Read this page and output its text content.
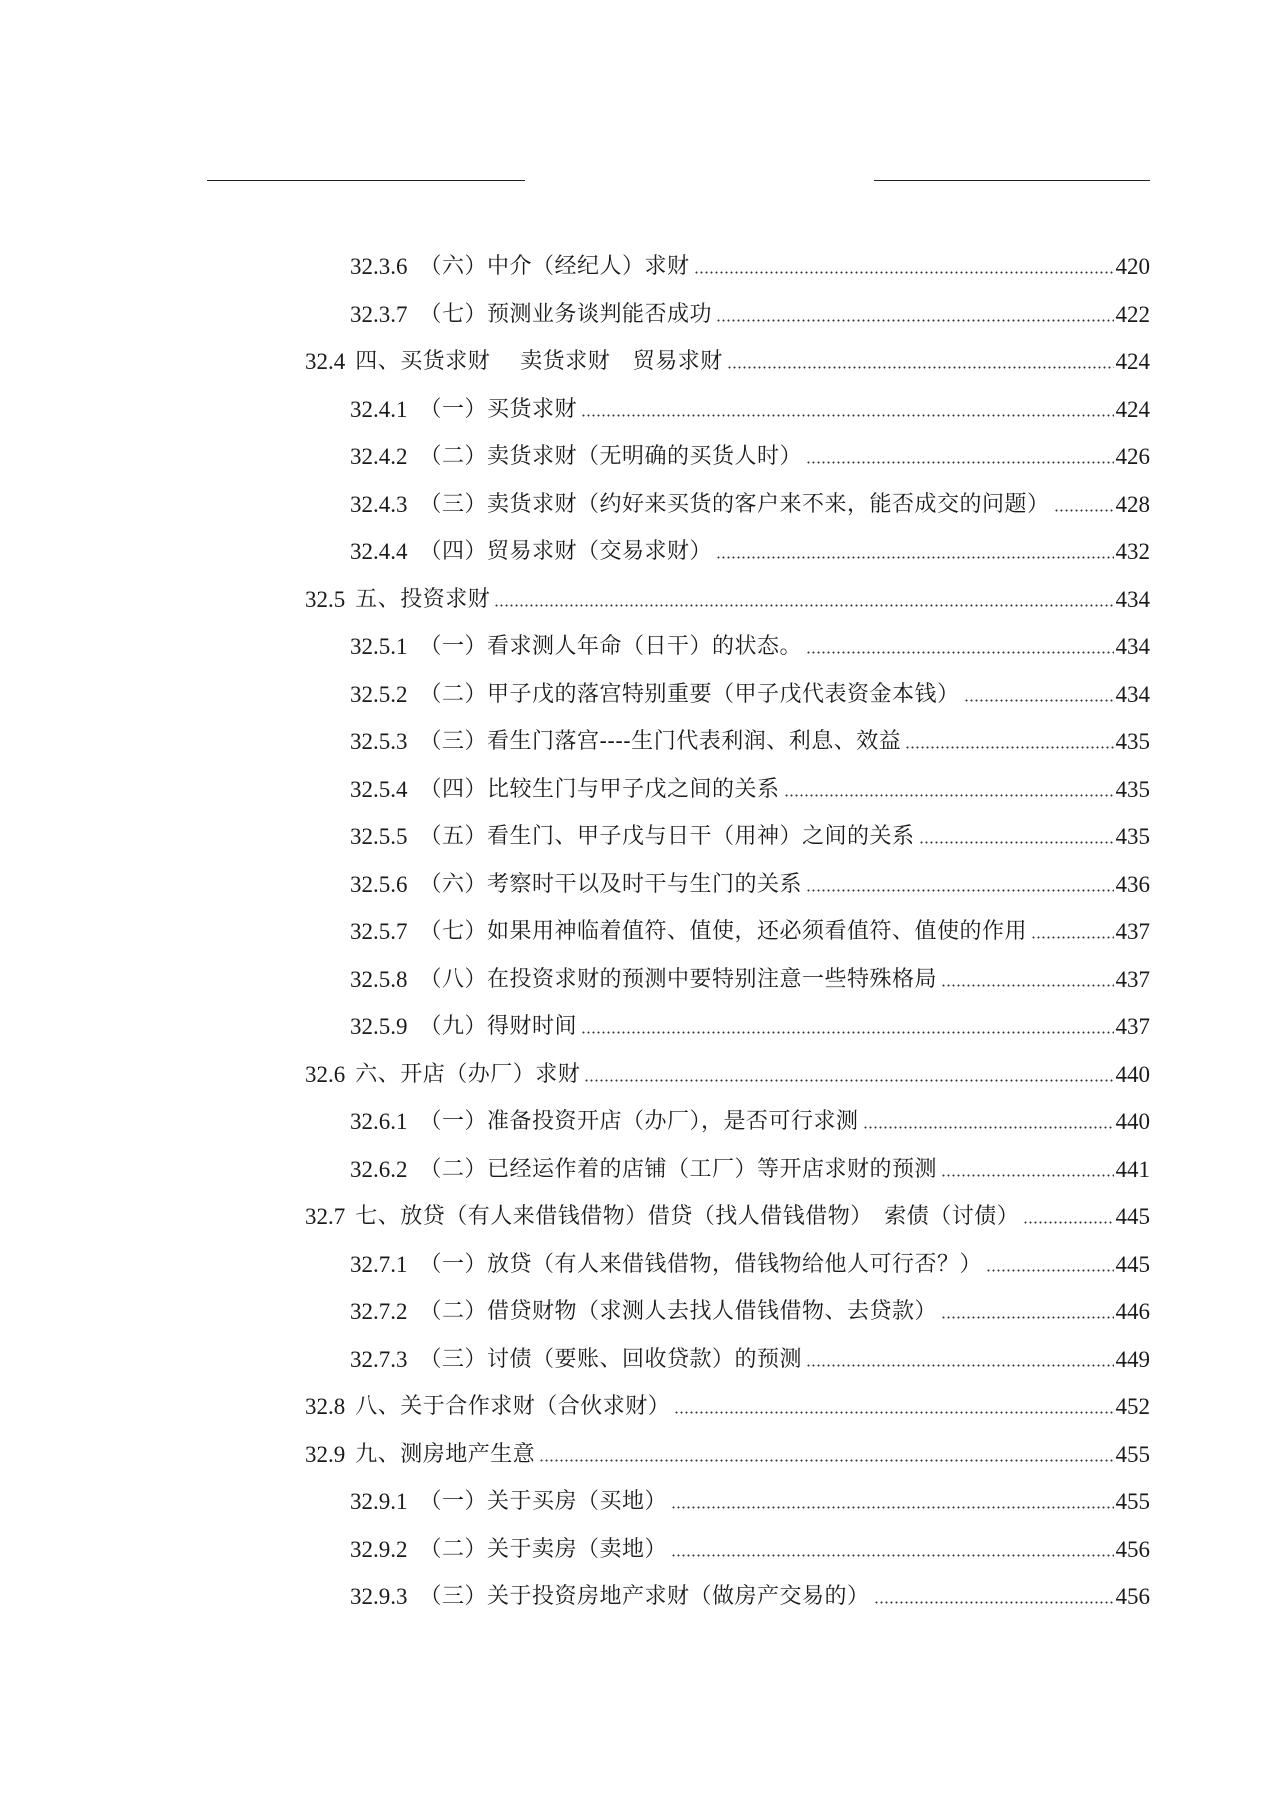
32.3.6 （六）中介（经纪人）求财	420
32.3.7 （七）预测业务谈判能否成功	422
32.4 四、买货求财　 卖货求财　贸易求财	424
32.4.1 （一）买货求财	424
32.4.2 （二）卖货求财（无明确的买货人时）	426
32.4.3 （三）卖货求财（约好来买货的客户来不来，能否成交的问题）	428
32.4.4 （四）贸易求财（交易求财）	432
32.5 五、投资求财	434
32.5.1 （一）看求测人年命（日干）的状态。	434
32.5.2 （二）甲子戊的落宫特别重要（甲子戊代表资金本钱）	434
32.5.3 （三）看生门落宫----生门代表利润、利息、效益	435
32.5.4 （四）比较生门与甲子戊之间的关系	435
32.5.5 （五）看生门、甲子戊与日干（用神）之间的关系	435
32.5.6 （六）考察时干以及时干与生门的关系	436
32.5.7 （七）如果用神临着值符、值使，还必须看值符、值使的作用	437
32.5.8 （八）在投资求财的预测中要特别注意一些特殊格局	437
32.5.9 （九）得财时间	437
32.6 六、开店（办厂）求财	440
32.6.1 （一）准备投资开店（办厂），是否可行求测	440
32.6.2 （二）已经运作着的店铺（工厂）等开店求财的预测	441
32.7 七、放贷（有人来借钱借物）借贷（找人借钱借物）　索债（讨债）	445
32.7.1 （一）放贷（有人来借钱借物，借钱物给他人可行否？）	445
32.7.2 （二）借贷财物（求测人去找人借钱借物、去贷款）	446
32.7.3 （三）讨债（要账、回收贷款）的预测	449
32.8 八、关于合作求财（合伙求财）	452
32.9 九、测房地产生意	455
32.9.1 （一）关于买房（买地）	455
32.9.2 （二）关于卖房（卖地）	456
32.9.3 （三）关于投资房地产求财（做房产交易的）	456
